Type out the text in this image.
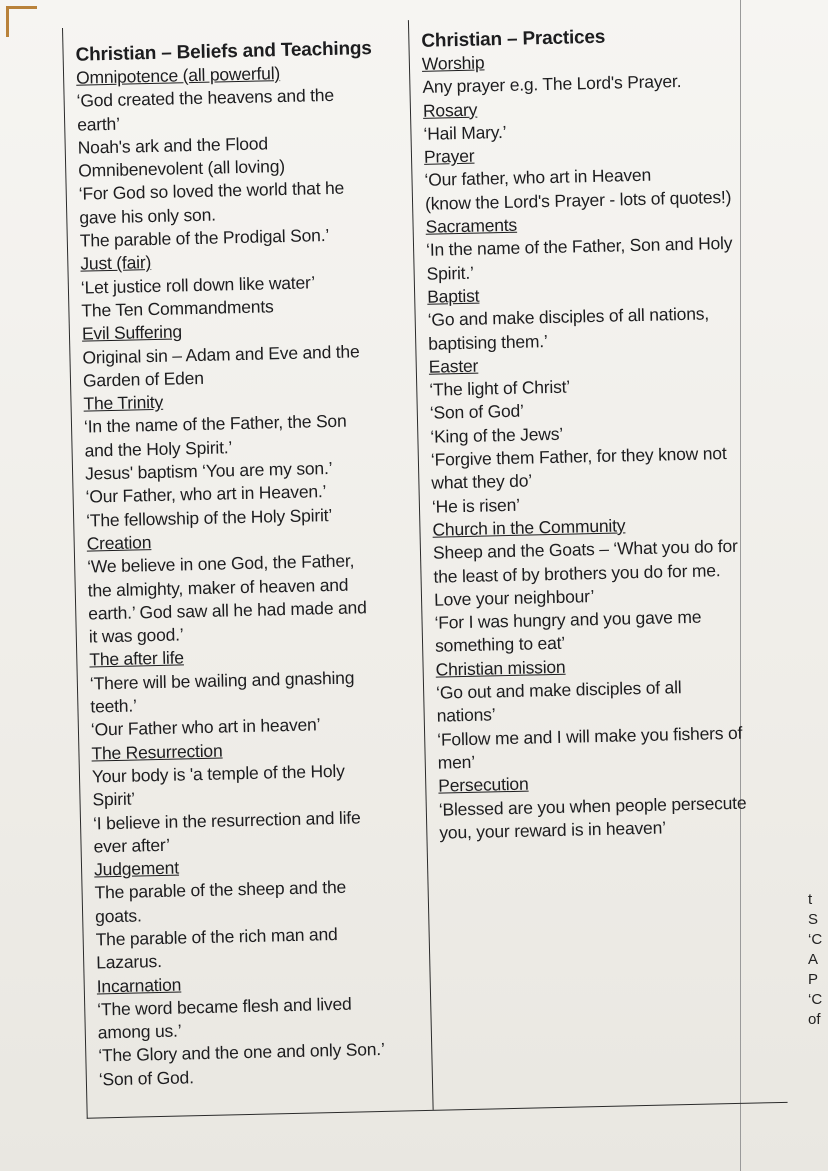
Christian – Beliefs and Teachings
Omnipotence (all powerful)
‘God created the heavens and the
earth’
Noah's ark and the Flood
Omnibenevolent (all loving)
‘For God so loved the world that he
gave his only son.
The parable of the Prodigal Son.’
Just (fair)
‘Let justice roll down like water’
The Ten Commandments
Evil Suffering
Original sin – Adam and Eve and the
Garden of Eden
The Trinity
‘In the name of the Father, the Son
and the Holy Spirit.’
Jesus' baptism ‘You are my son.’
‘Our Father, who art in Heaven.’
‘The fellowship of the Holy Spirit’
Creation
‘We believe in one God, the Father,
the almighty, maker of heaven and
earth.’ God saw all he had made and
it was good.’
The after life
‘There will be wailing and gnashing
teeth.’
‘Our Father who art in heaven’
The Resurrection
Your body is 'a temple of the Holy
Spirit’
‘I believe in the resurrection and life
ever after’
Judgement
The parable of the sheep and the
goats.
The parable of the rich man and
Lazarus.
Incarnation
‘The word became flesh and lived
among us.’
‘The Glory and the one and only Son.’
‘Son of God.
Christian – Practices
Worship
Any prayer e.g. The Lord's Prayer.
Rosary
‘Hail Mary.’
Prayer
‘Our father, who art in Heaven
(know the Lord's Prayer - lots of quotes!)
Sacraments
‘In the name of the Father, Son and Holy
Spirit.’
Baptist
‘Go and make disciples of all nations,
baptising them.’
Easter
‘The light of Christ’
‘Son of God’
‘King of the Jews’
‘Forgive them Father, for they know not
what they do’
‘He is risen’
Church in the Community
Sheep and the Goats – ‘What you do for
the least of by brothers you do for me.
Love your neighbour’
‘For I was hungry and you gave me
something to eat’
Christian mission
‘Go out and make disciples of all
nations’
‘Follow me and I will make you fishers of
men’
Persecution
‘Blessed are you when people persecute
you, your reward is in heaven’
t
S
‘C
A
P
‘C
of
